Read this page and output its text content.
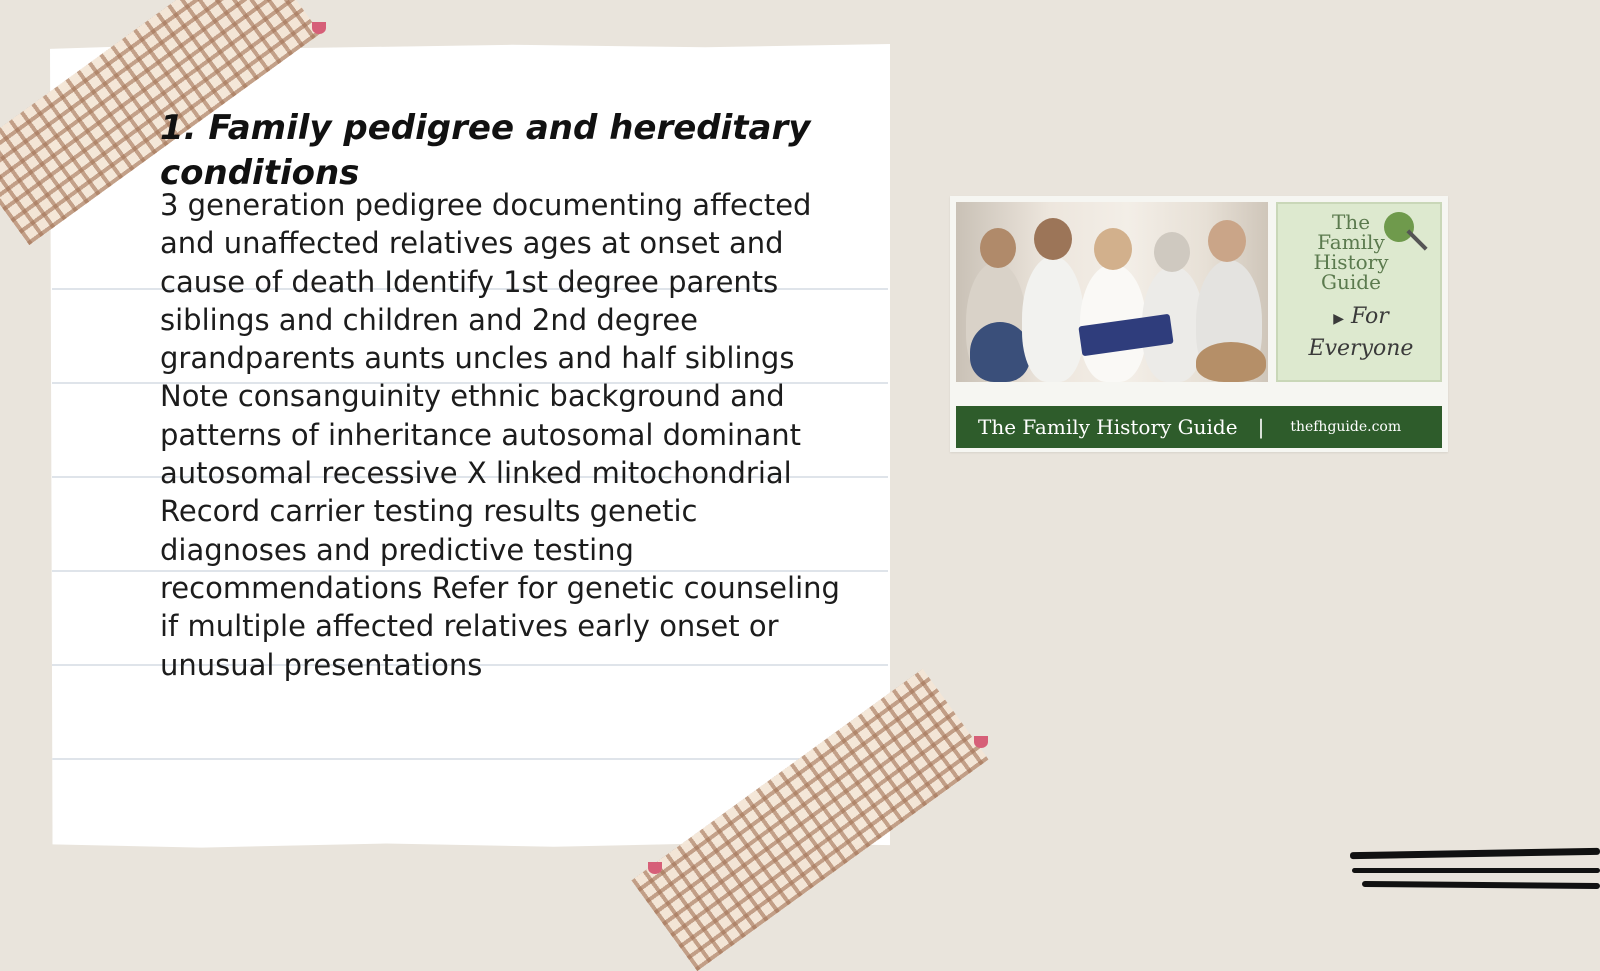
1. Family pedigree and hereditary conditions

3 generation pedigree documenting affected and unaffected relatives ages at onset and cause of death Identify 1st degree parents siblings and children and 2nd degree grandparents aunts uncles and half siblings Note consanguinity ethnic background and patterns of inheritance autosomal dominant autosomal recessive X linked mitochondrial Record carrier testing results genetic diagnoses and predictive testing recommendations Refer for genetic counseling if multiple affected relatives early onset or unusual presentations

The Family History Guide
▶ For
Everyone
The Family History Guide | thefhguide.com
